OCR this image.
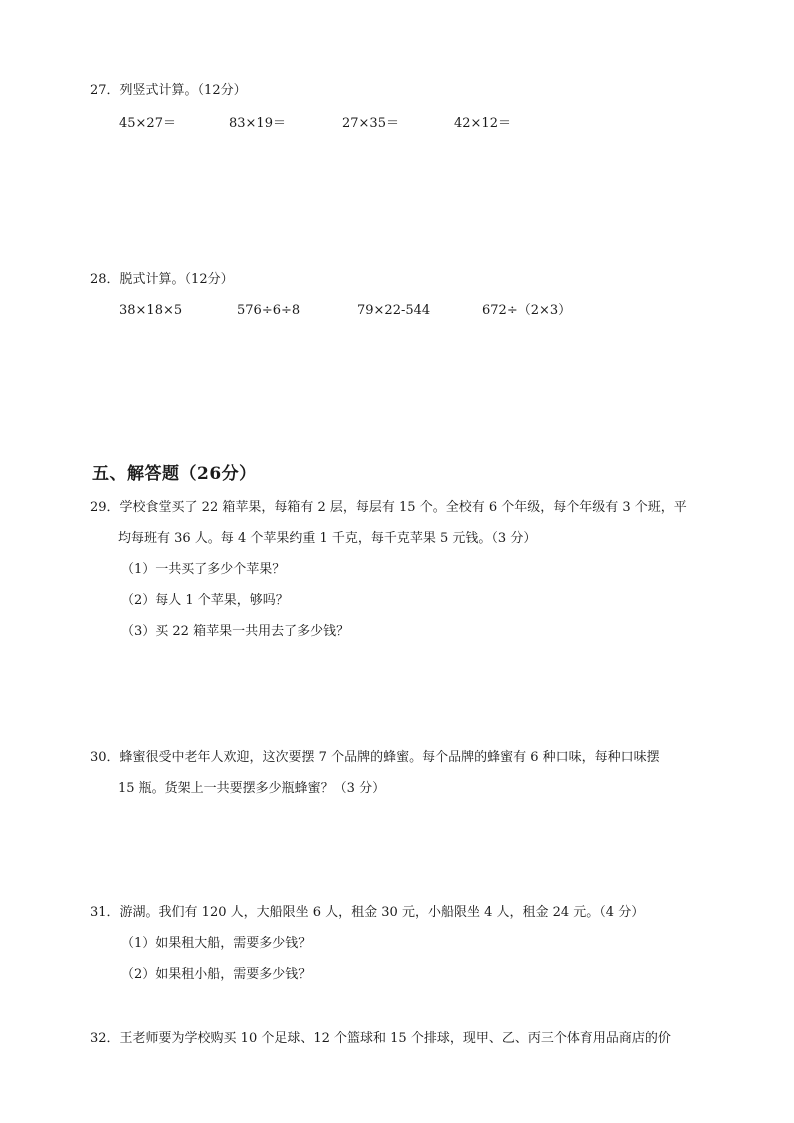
27．列竖式计算。（12分）
45×27＝	83×19＝	27×35＝	42×12＝
28．脱式计算。（12分）
38×18×5	576÷6÷8	79×22-544	672÷（2×3）
五、解答题（26分）
29．学校食堂买了 22 箱苹果，每箱有 2 层，每层有 15 个。全校有 6 个年级，每个年级有 3 个班，平
均每班有 36 人。每 4 个苹果约重 1 千克，每千克苹果 5 元钱。（3 分）
（1）一共买了多少个苹果？
（2）每人 1 个苹果，够吗？
（3）买 22 箱苹果一共用去了多少钱？
30．蜂蜜很受中老年人欢迎，这次要摆 7 个品牌的蜂蜜。每个品牌的蜂蜜有 6 种口味，每种口味摆
15 瓶。货架上一共要摆多少瓶蜂蜜？（3 分）
31．游湖。我们有 120 人，大船限坐 6 人，租金 30 元，小船限坐 4 人，租金 24 元。（4 分）
（1）如果租大船，需要多少钱？
（2）如果租小船，需要多少钱？
32．王老师要为学校购买 10 个足球、12 个篮球和 15 个排球，现甲、乙、丙三个体育用品商店的价
